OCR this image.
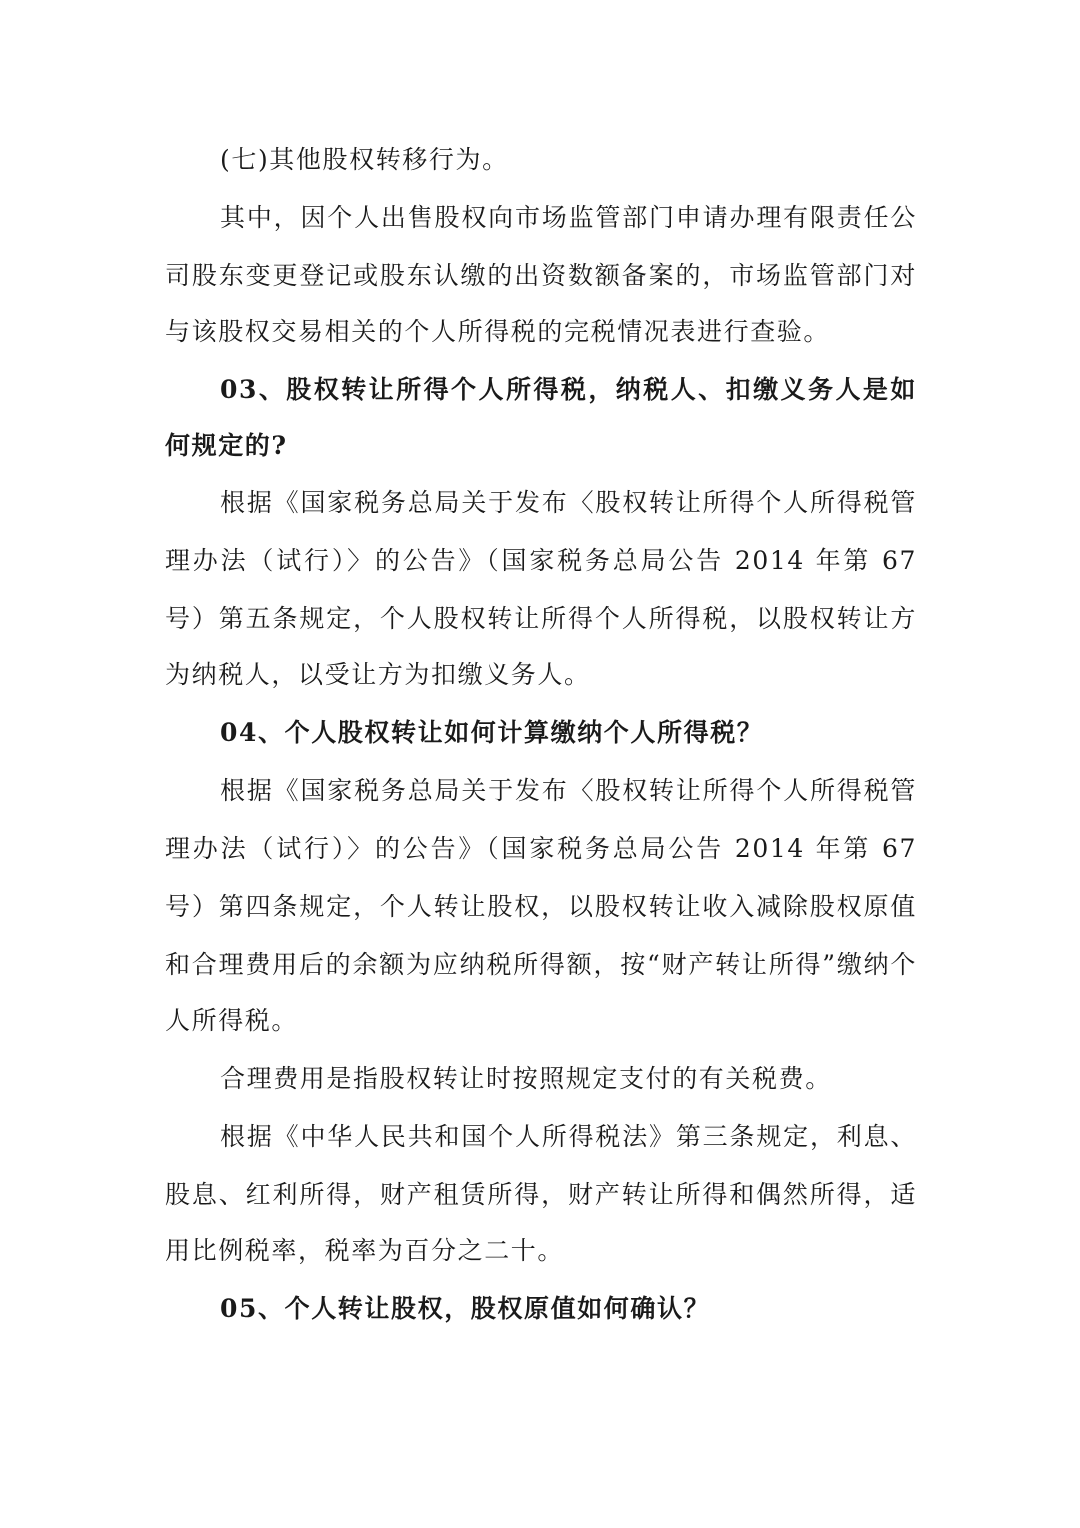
(七)其他股权转移行为。
其中，因个人出售股权向市场监管部门申请办理有限责任公
司股东变更登记或股东认缴的出资数额备案的，市场监管部门对
与该股权交易相关的个人所得税的完税情况表进行查验。
03、股权转让所得个人所得税，纳税人、扣缴义务人是如
何规定的?
根据《国家税务总局关于发布〈股权转让所得个人所得税管
理办法（试行）〉的公告》（国家税务总局公告 2014 年第 67
号）第五条规定，个人股权转让所得个人所得税，以股权转让方
为纳税人，以受让方为扣缴义务人。
04、个人股权转让如何计算缴纳个人所得税？
根据《国家税务总局关于发布〈股权转让所得个人所得税管
理办法（试行）〉的公告》（国家税务总局公告 2014 年第 67
号）第四条规定，个人转让股权，以股权转让收入减除股权原值
和合理费用后的余额为应纳税所得额，按“财产转让所得”缴纳个
人所得税。
合理费用是指股权转让时按照规定支付的有关税费。
根据《中华人民共和国个人所得税法》第三条规定，利息、
股息、红利所得，财产租赁所得，财产转让所得和偶然所得，适
用比例税率，税率为百分之二十。
05、个人转让股权，股权原值如何确认？
